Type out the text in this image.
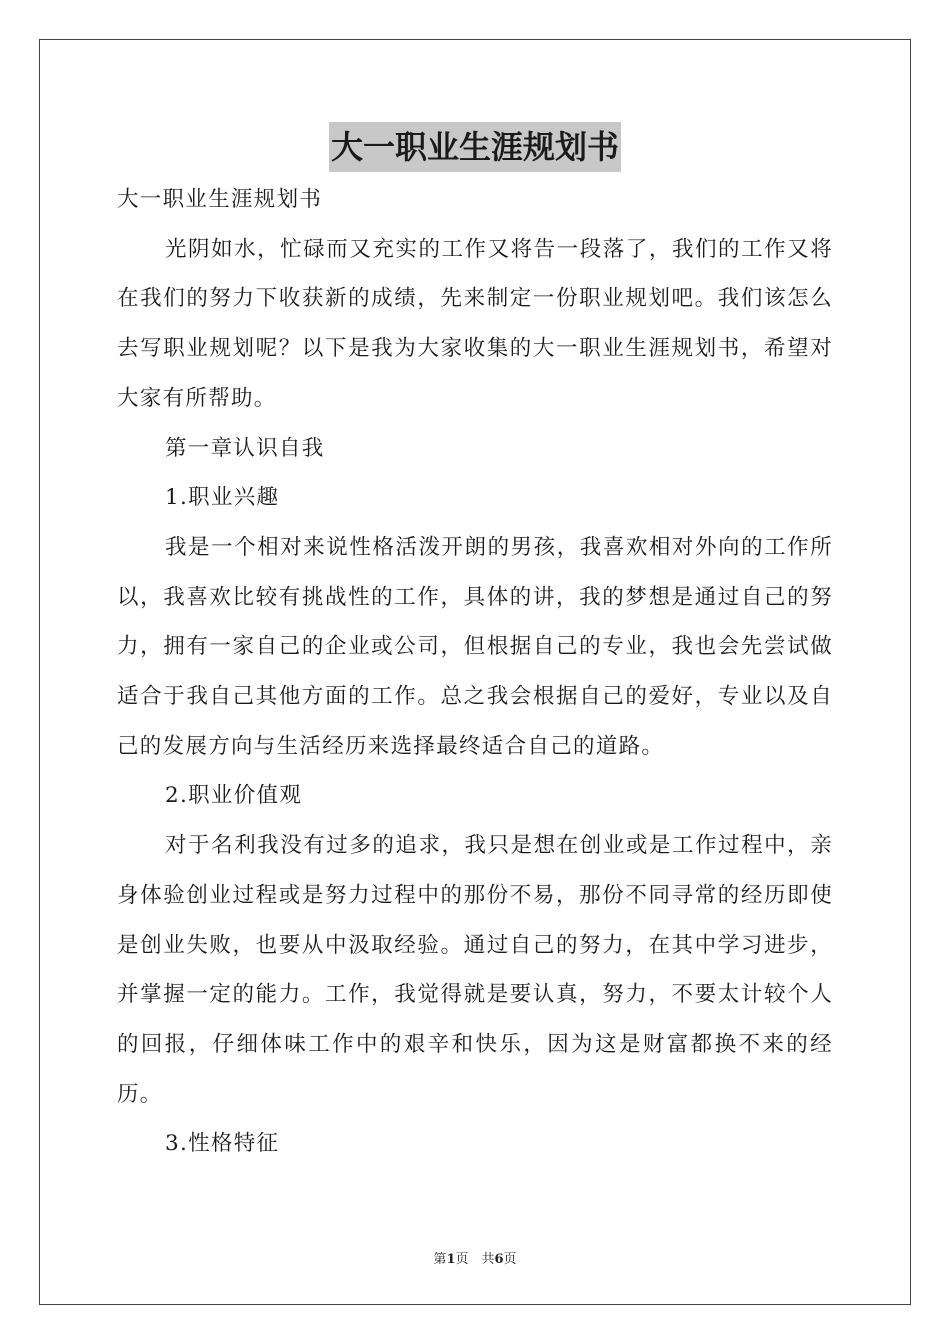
大一职业生涯规划书

大一职业生涯规划书

光阴如水，忙碌而又充实的工作又将告一段落了，我们的工作又将在我们的努力下收获新的成绩，先来制定一份职业规划吧。我们该怎么去写职业规划呢？以下是我为大家收集的大一职业生涯规划书，希望对大家有所帮助。

第一章认识自我

1.职业兴趣

我是一个相对来说性格活泼开朗的男孩，我喜欢相对外向的工作所以，我喜欢比较有挑战性的工作，具体的讲，我的梦想是通过自己的努力，拥有一家自己的企业或公司，但根据自己的专业，我也会先尝试做适合于我自己其他方面的工作。总之我会根据自己的爱好，专业以及自己的发展方向与生活经历来选择最终适合自己的道路。

2.职业价值观

对于名利我没有过多的追求，我只是想在创业或是工作过程中，亲身体验创业过程或是努力过程中的那份不易，那份不同寻常的经历即使是创业失败，也要从中汲取经验。通过自己的努力，在其中学习进步，并掌握一定的能力。工作，我觉得就是要认真，努力，不要太计较个人的回报，仔细体味工作中的艰辛和快乐，因为这是财富都换不来的经历。

3.性格特征

第1页　共6页
